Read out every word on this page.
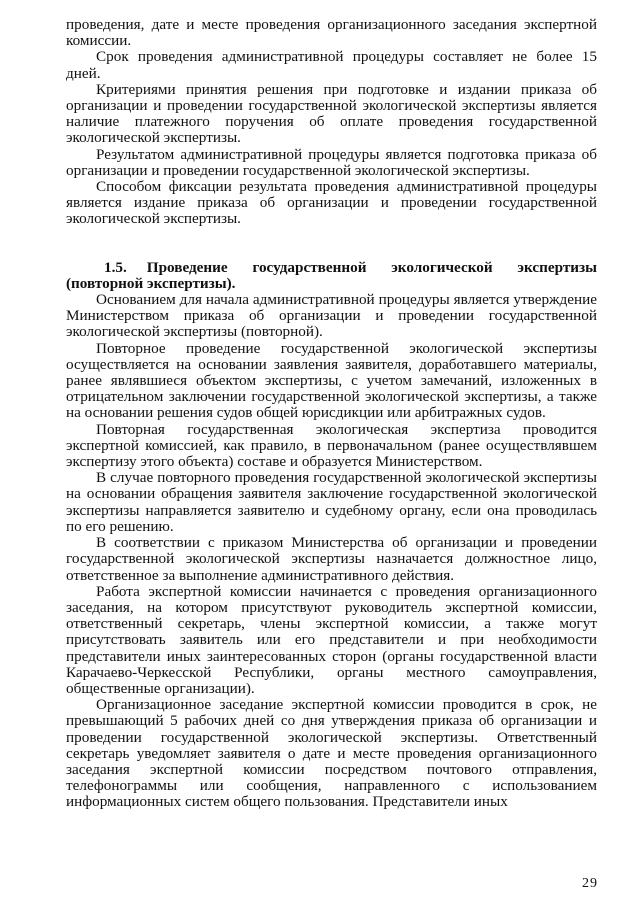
проведения, дате и месте проведения организационного заседания экспертной комиссии.

Срок проведения административной процедуры составляет не более 15 дней.

Критериями принятия решения при подготовке и издании приказа об организации и проведении государственной экологической экспертизы является наличие платежного поручения об оплате проведения государственной экологической экспертизы.

Результатом административной процедуры является подготовка приказа об организации и проведении государственной экологической экспертизы.

Способом фиксации результата проведения административной процедуры является издание приказа об организации и проведении государственной экологической экспертизы.

1.5. Проведение государственной экологической экспертизы (повторной экспертизы).

Основанием для начала административной процедуры является утверждение Министерством приказа об организации и проведении государственной экологической экспертизы (повторной).

Повторное проведение государственной экологической экспертизы осуществляется на основании заявления заявителя, доработавшего материалы, ранее являвшиеся объектом экспертизы, с учетом замечаний, изложенных в отрицательном заключении государственной экологической экспертизы, а также на основании решения судов общей юрисдикции или арбитражных судов.

Повторная государственная экологическая экспертиза проводится экспертной комиссией, как правило, в первоначальном (ранее осуществлявшем экспертизу этого объекта) составе и образуется Министерством.

В случае повторного проведения государственной экологической экспертизы на основании обращения заявителя заключение государственной экологической экспертизы направляется заявителю и судебному органу, если она проводилась по его решению.

В соответствии с приказом Министерства об организации и проведении государственной экологической экспертизы назначается должностное лицо, ответственное за выполнение административного действия.

Работа экспертной комиссии начинается с проведения организационного заседания, на котором присутствуют руководитель экспертной комиссии, ответственный секретарь, члены экспертной комиссии, а также могут присутствовать заявитель или его представители и при необходимости представители иных заинтересованных сторон (органы государственной власти Карачаево-Черкесской Республики, органы местного самоуправления, общественные организации).

Организационное заседание экспертной комиссии проводится в срок, не превышающий 5 рабочих дней со дня утверждения приказа об организации и проведении государственной экологической экспертизы. Ответственный секретарь уведомляет заявителя о дате и месте проведения организационного заседания экспертной комиссии посредством почтового отправления, телефонограммы или сообщения, направленного с использованием информационных систем общего пользования. Представители иных

29
